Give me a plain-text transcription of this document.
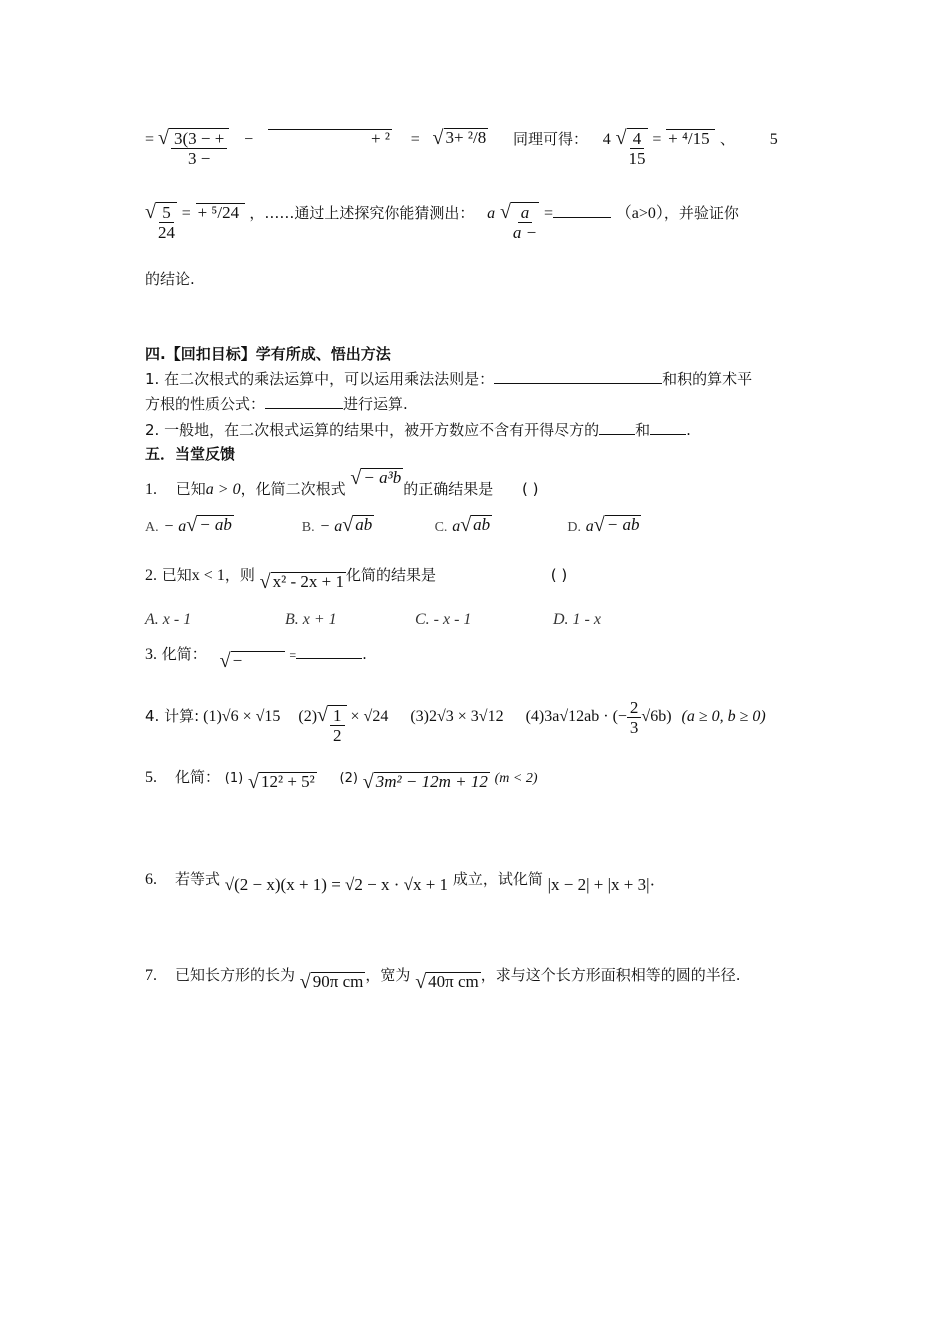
= √ $\frac{3(3 - +}{3 -}$ −	+ ² = √ 3+ ²/8 同理可得： 4 √ $\frac{4}{15}$ = + ⁴/15 、 5
√ $\frac{5}{24}$ = + ⁵/24 ，……通过上述探究你能猜测出： a √ $\frac{a}{a -}$ =	（a>0），并验证你
的结论.
四.【回扣目标】学有所成、悟出方法
1. 在二次根式的乘法运算中，可以运用乘法法则是：	和积的算术平
方根的性质公式：	进行运算.
2. 一般地，在二次根式运算的结果中，被开方数应不含有开得尽方的 和 .
五．当堂反馈
1. 已知a > 0，化简二次根式 √ − a³b
的正确结果是 ( )
A. − a √ − ab	B. − a √ ab	C. a √ ab	D. a √ − ab
2. 已知x < 1，则 √ x² - 2x + 1 化简的结果是	( )
A. x - 1	B. x + 1	C. - x - 1	D. 1 - x
3. 化简： √ −	=	.
4. 计算: (1)√6 × √15 (2) √ $\frac{1}{2} \times √24$ (3)2√3 × 3√12 (4)3a√12ab · (− $\frac{2}{3} √6b$) (a ≥ 0, b ≥ 0)
5. 化简： (1) √ 12² + 5² (2) √ 3m² − 12m + 12 (m < 2)
6. 若等式 √(2 − x)(x + 1) = √2 − x · √x + 1 成立，试化简 |x − 2| + |x + 3|·
7. 已知长方形的长为 √ 90π cm ，宽为 √ 40π cm ，求与这个长方形面积相等的圆的半径.
